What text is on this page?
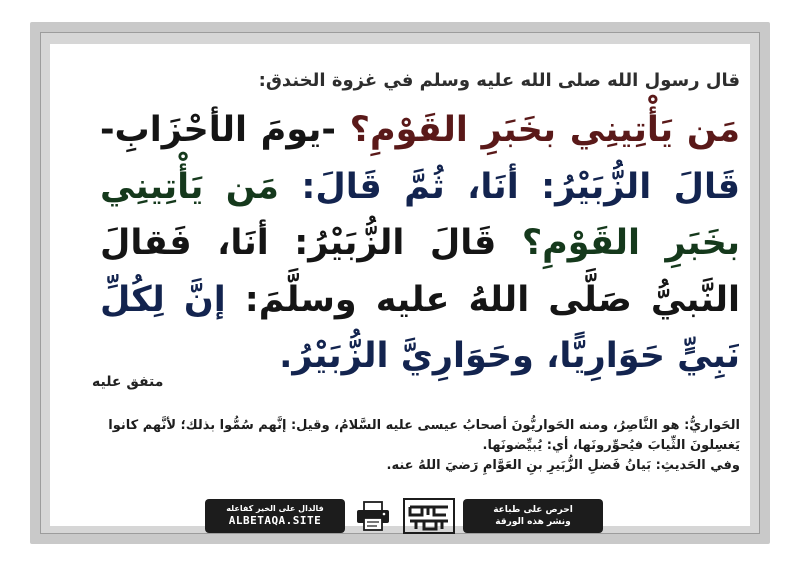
قال رسول الله صلى الله عليه وسلم في غزوة الخندق:
مَن يَأْتِينِي بخَبَرِ القَوْمِ؟ -يومَ الأحْزَابِ- قَالَ الزُّبَيْرُ: أنَا، ثُمَّ قَالَ: مَن يَأْتِينِي بخَبَرِ القَوْمِ؟ قَالَ الزُّبَيْرُ: أنَا، فَقالَ النَّبيُّ صَلَّى اللهُ عليه وسلَّمَ: إنَّ لِكُلِّ نَبِيٍّ حَوَارِيًّا، وحَوَارِيَّ الزُّبَيْرُ.
متفق عليه
الحَواريُّ: هو النَّاصِرُ، ومنه الحَواريُّونَ أصحابُ عيسى عليه السَّلامُ، وقيل: إنَّهم سُمُّوا بذلك؛ لأنَّهم كانوا يَغسِلونَ الثِّيابَ فيُحوِّرونَها، أي: يُبيِّضونَها.
وفي الحَديثِ: بَيانُ فَضلِ الزُّبَيرِ بنِ العَوَّامِ رَضيَ اللهُ عنه.
فالدال على الخير كفاعله
ALBETAQA.SITE
احرص على طباعة
ونشر هذه الورقة
